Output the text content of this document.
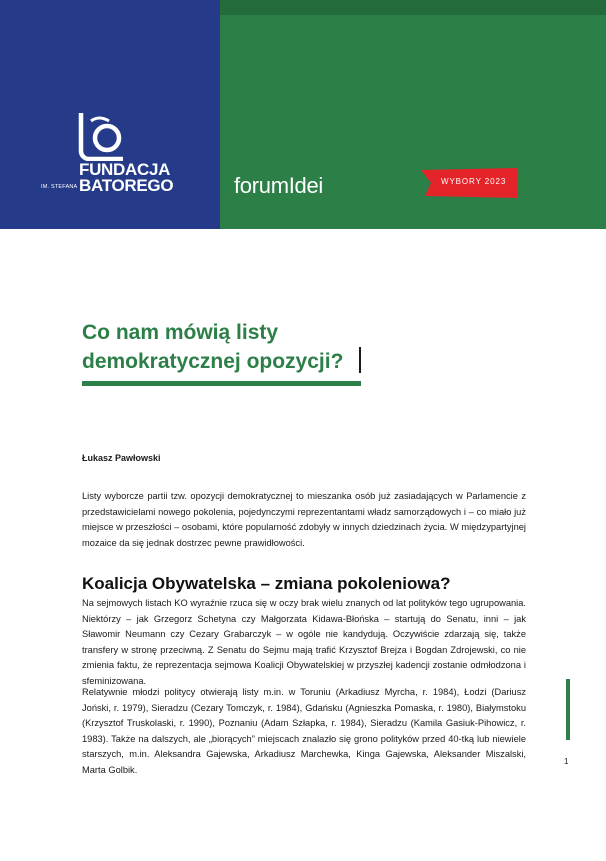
FUNDACJA
IM. STEFANA BATOREGO	forumIdei	WYBORY 2023
Co nam mówią listy
demokratycznej opozycji?
Łukasz Pawłowski

Listy wyborcze partii tzw. opozycji demokratycznej to mieszanka osób już zasiadających w Parlamencie z przedstawicielami nowego pokolenia, pojedynczymi reprezentantami władz samorządowych i – co miało już miejsce w przeszłości – osobami, które popularność zdobyły w innych dziedzinach życia. W międzypartyjnej mozaice da się jednak dostrzec pewne prawidłowości.

Koalicja Obywatelska – zmiana pokoleniowa?

Na sejmowych listach KO wyraźnie rzuca się w oczy brak wielu znanych od lat polityków tego ugrupowania. Niektórzy – jak Grzegorz Schetyna czy Małgorzata Kidawa-Błońska – startują do Senatu, inni – jak Sławomir Neumann czy Cezary Grabarczyk – w ogóle nie kandydują. Oczywiście zdarzają się, także transfery w stronę przeciwną. Z Senatu do Sejmu mają trafić Krzysztof Brejza i Bogdan Zdrojewski, co nie zmienia faktu, że reprezentacja sejmowa Koalicji Obywatelskiej w przyszłej kadencji zostanie odmłodzona i sfeminizowana.

Relatywnie młodzi politycy otwierają listy m.in. w Toruniu (Arkadiusz Myrcha, r. 1984), Łodzi (Dariusz Joński, r. 1979), Sieradzu (Cezary Tomczyk, r. 1984), Gdańsku (Agnieszka Pomaska, r. 1980), Białymstoku (Krzysztof Truskolaski, r. 1990), Poznaniu (Adam Szłapka, r. 1984), Sieradzu (Kamila Gasiuk-Pihowicz, r. 1983). Także na dalszych, ale „biorących” miejscach znalazło się grono polityków przed 40-tką lub niewiele starszych, m.in. Aleksandra Gajewska, Arkadiusz Marchewka, Kinga Gajewska, Aleksander Miszalski, Marta Golbik.

1
